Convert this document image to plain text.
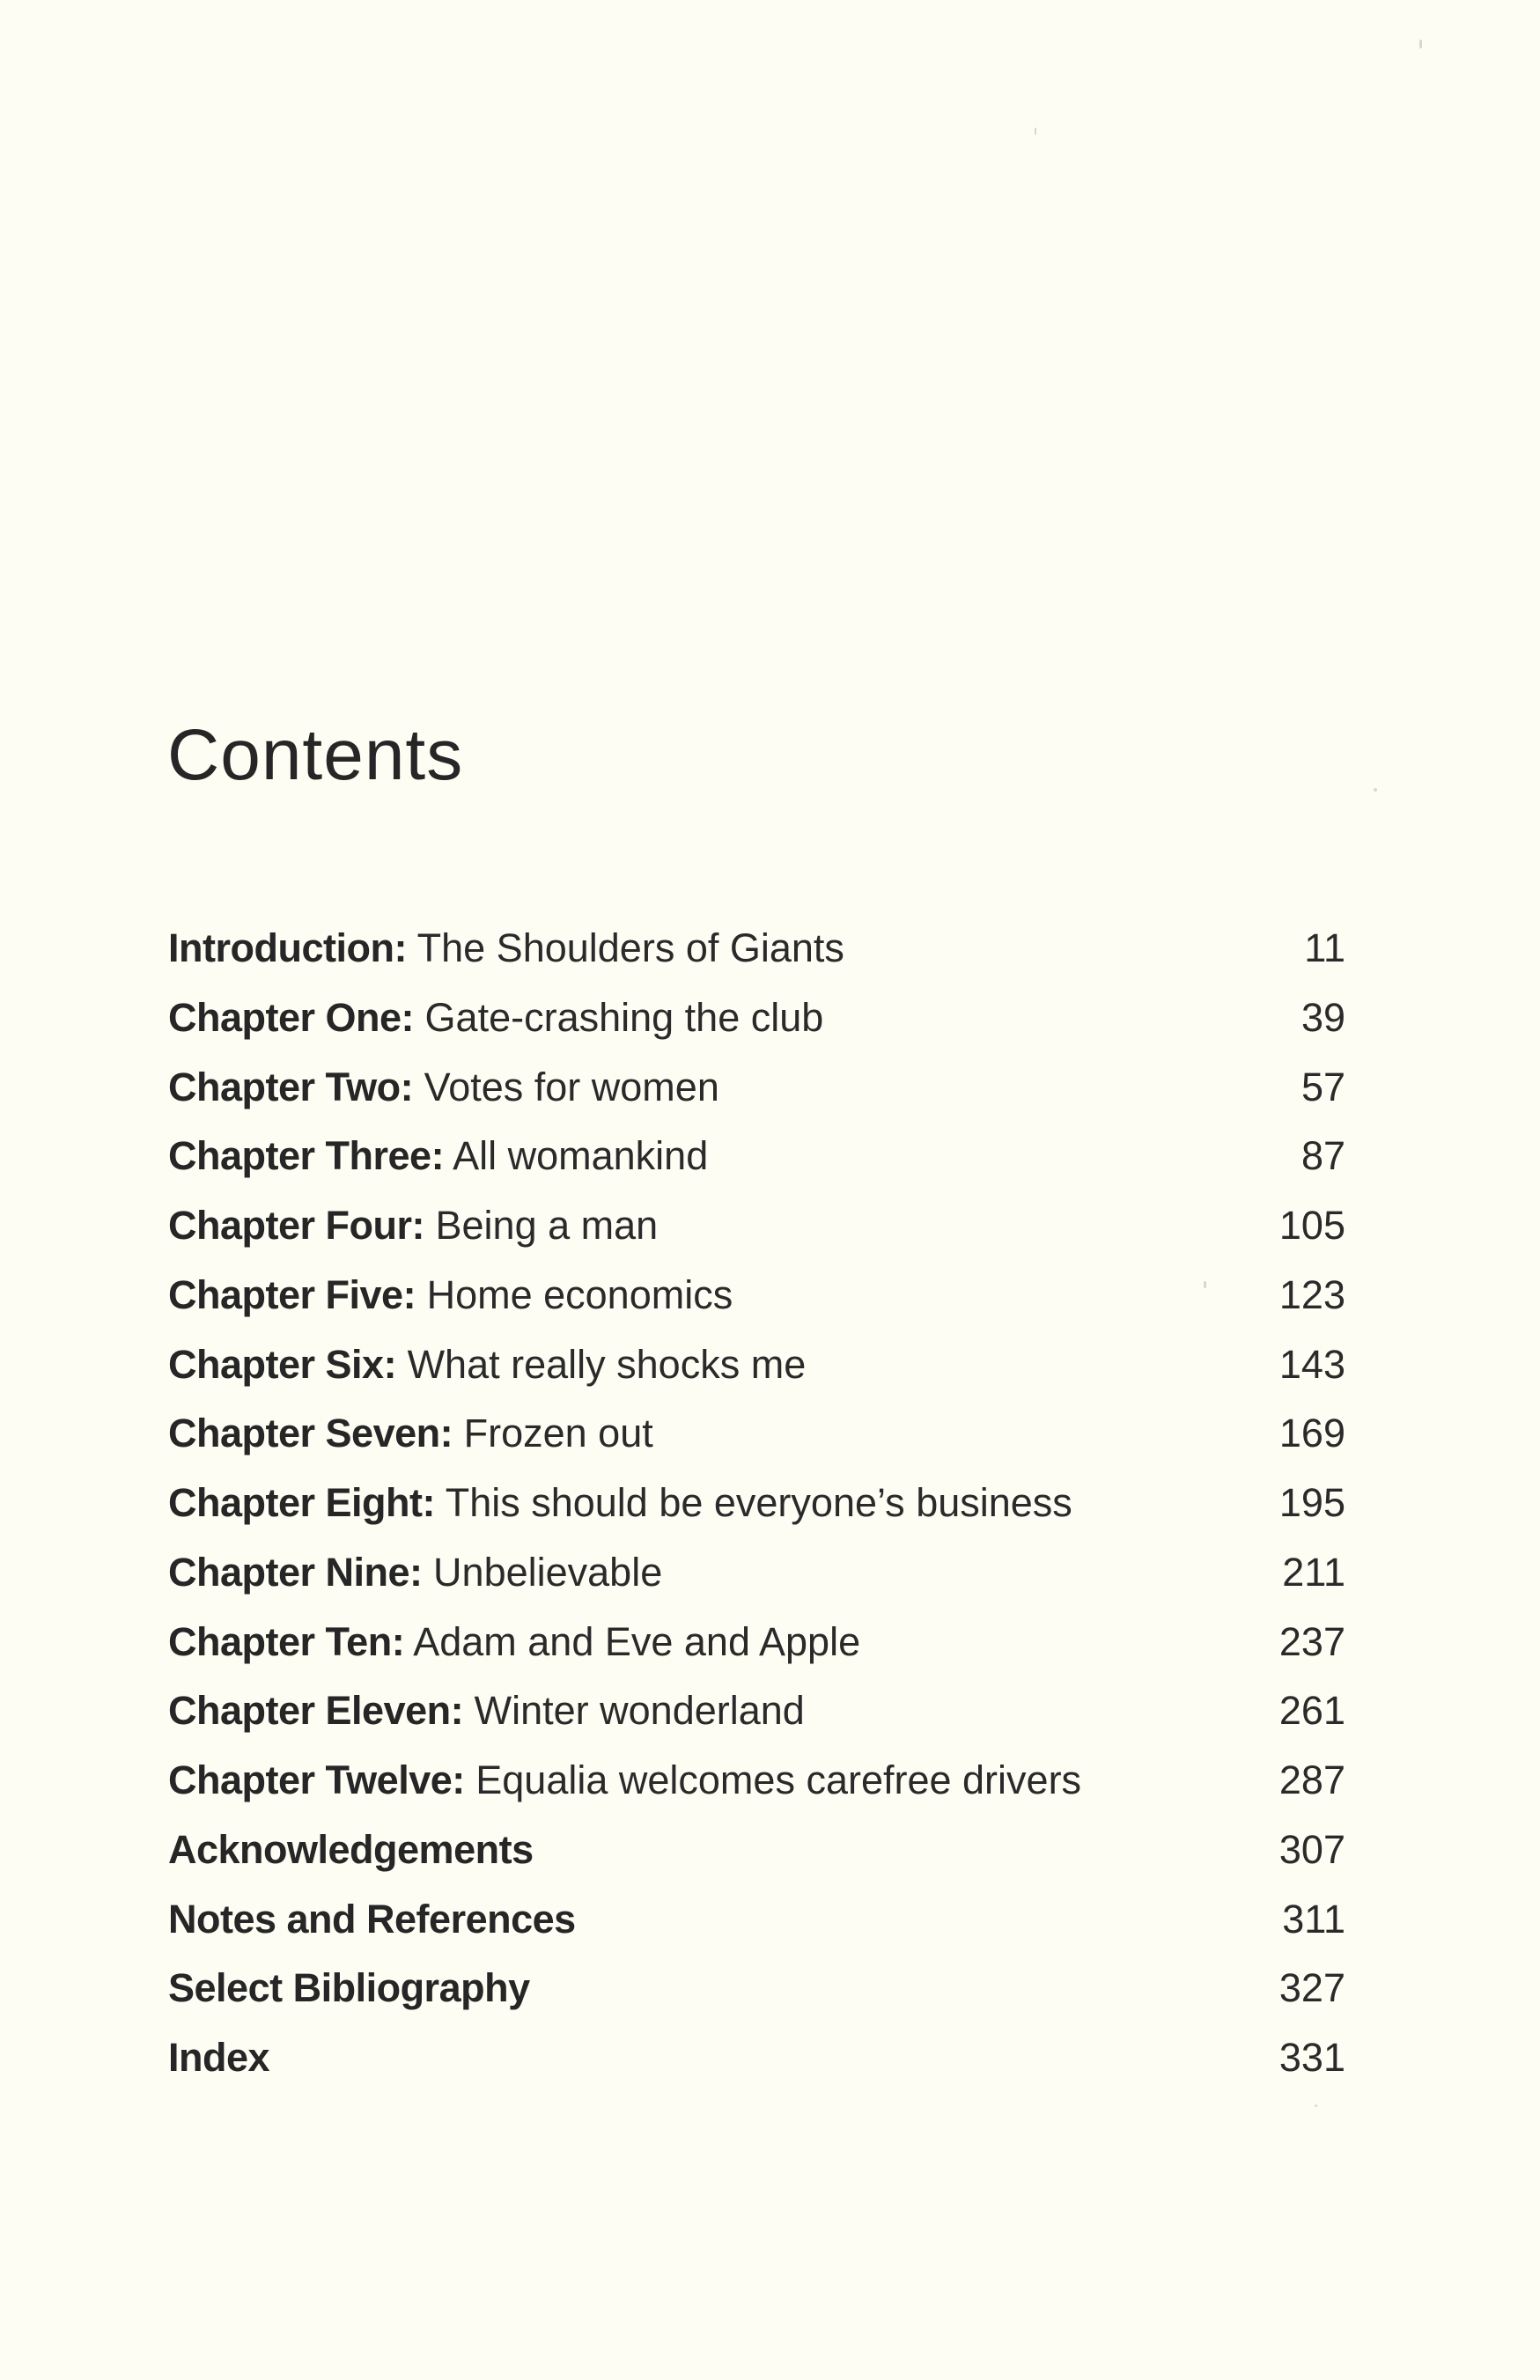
Contents
Introduction: The Shoulders of Giants	11
Chapter One: Gate-crashing the club	39
Chapter Two: Votes for women	57
Chapter Three: All womankind	87
Chapter Four: Being a man	105
Chapter Five: Home economics	123
Chapter Six: What really shocks me	143
Chapter Seven: Frozen out	169
Chapter Eight: This should be everyone’s business	195
Chapter Nine: Unbelievable	211
Chapter Ten: Adam and Eve and Apple	237
Chapter Eleven: Winter wonderland	261
Chapter Twelve: Equalia welcomes carefree drivers	287
Acknowledgements	307
Notes and References	311
Select Bibliography	327
Index	331
